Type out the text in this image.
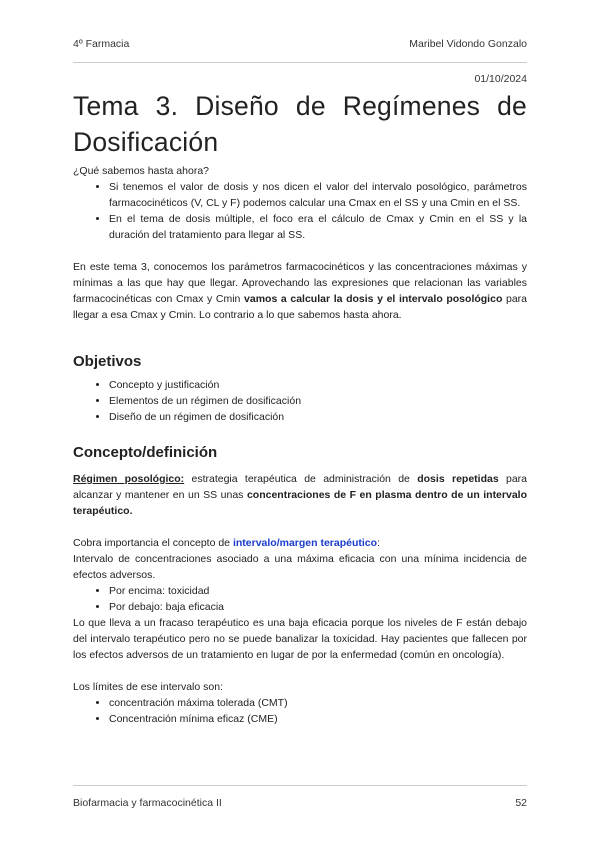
4º Farmacia	Maribel Vidondo Gonzalo
01/10/2024
Tema 3. Diseño de Regímenes de Dosificación

¿Qué sabemos hasta ahora?

• Si tenemos el valor de dosis y nos dicen el valor del intervalo posológico, parámetros farmacocinéticos (V, CL y F) podemos calcular una Cmax en el SS y una Cmin en el SS.
• En el tema de dosis múltiple, el foco era el cálculo de Cmax y Cmin en el SS y la duración del tratamiento para llegar al SS.

En este tema 3, conocemos los parámetros farmacocinéticos y las concentraciones máximas y mínimas a las que hay que llegar. Aprovechando las expresiones que relacionan las variables farmacocinéticas con Cmax y Cmin vamos a calcular la dosis y el intervalo posológico para llegar a esa Cmax y Cmin. Lo contrario a lo que sabemos hasta ahora.

Objetivos
• Concepto y justificación
• Elementos de un régimen de dosificación
• Diseño de un régimen de dosificación
Concepto/definición

Régimen posológico: estrategia terapéutica de administración de dosis repetidas para alcanzar y mantener en un SS unas concentraciones de F en plasma dentro de un intervalo terapéutico.

Cobra importancia el concepto de intervalo/margen terapéutico:

Intervalo de concentraciones asociado a una máxima eficacia con una mínima incidencia de efectos adversos.

• Por encima: toxicidad
• Por debajo: baja eficacia

Lo que lleva a un fracaso terapéutico es una baja eficacia porque los niveles de F están debajo del intervalo terapéutico pero no se puede banalizar la toxicidad. Hay pacientes que fallecen por los efectos adversos de un tratamiento en lugar de por la enfermedad (común en oncología).

Los límites de ese intervalo son:

• concentración máxima tolerada (CMT)
• Concentración mínima eficaz (CME)
Biofarmacia y farmacocinética II	52
